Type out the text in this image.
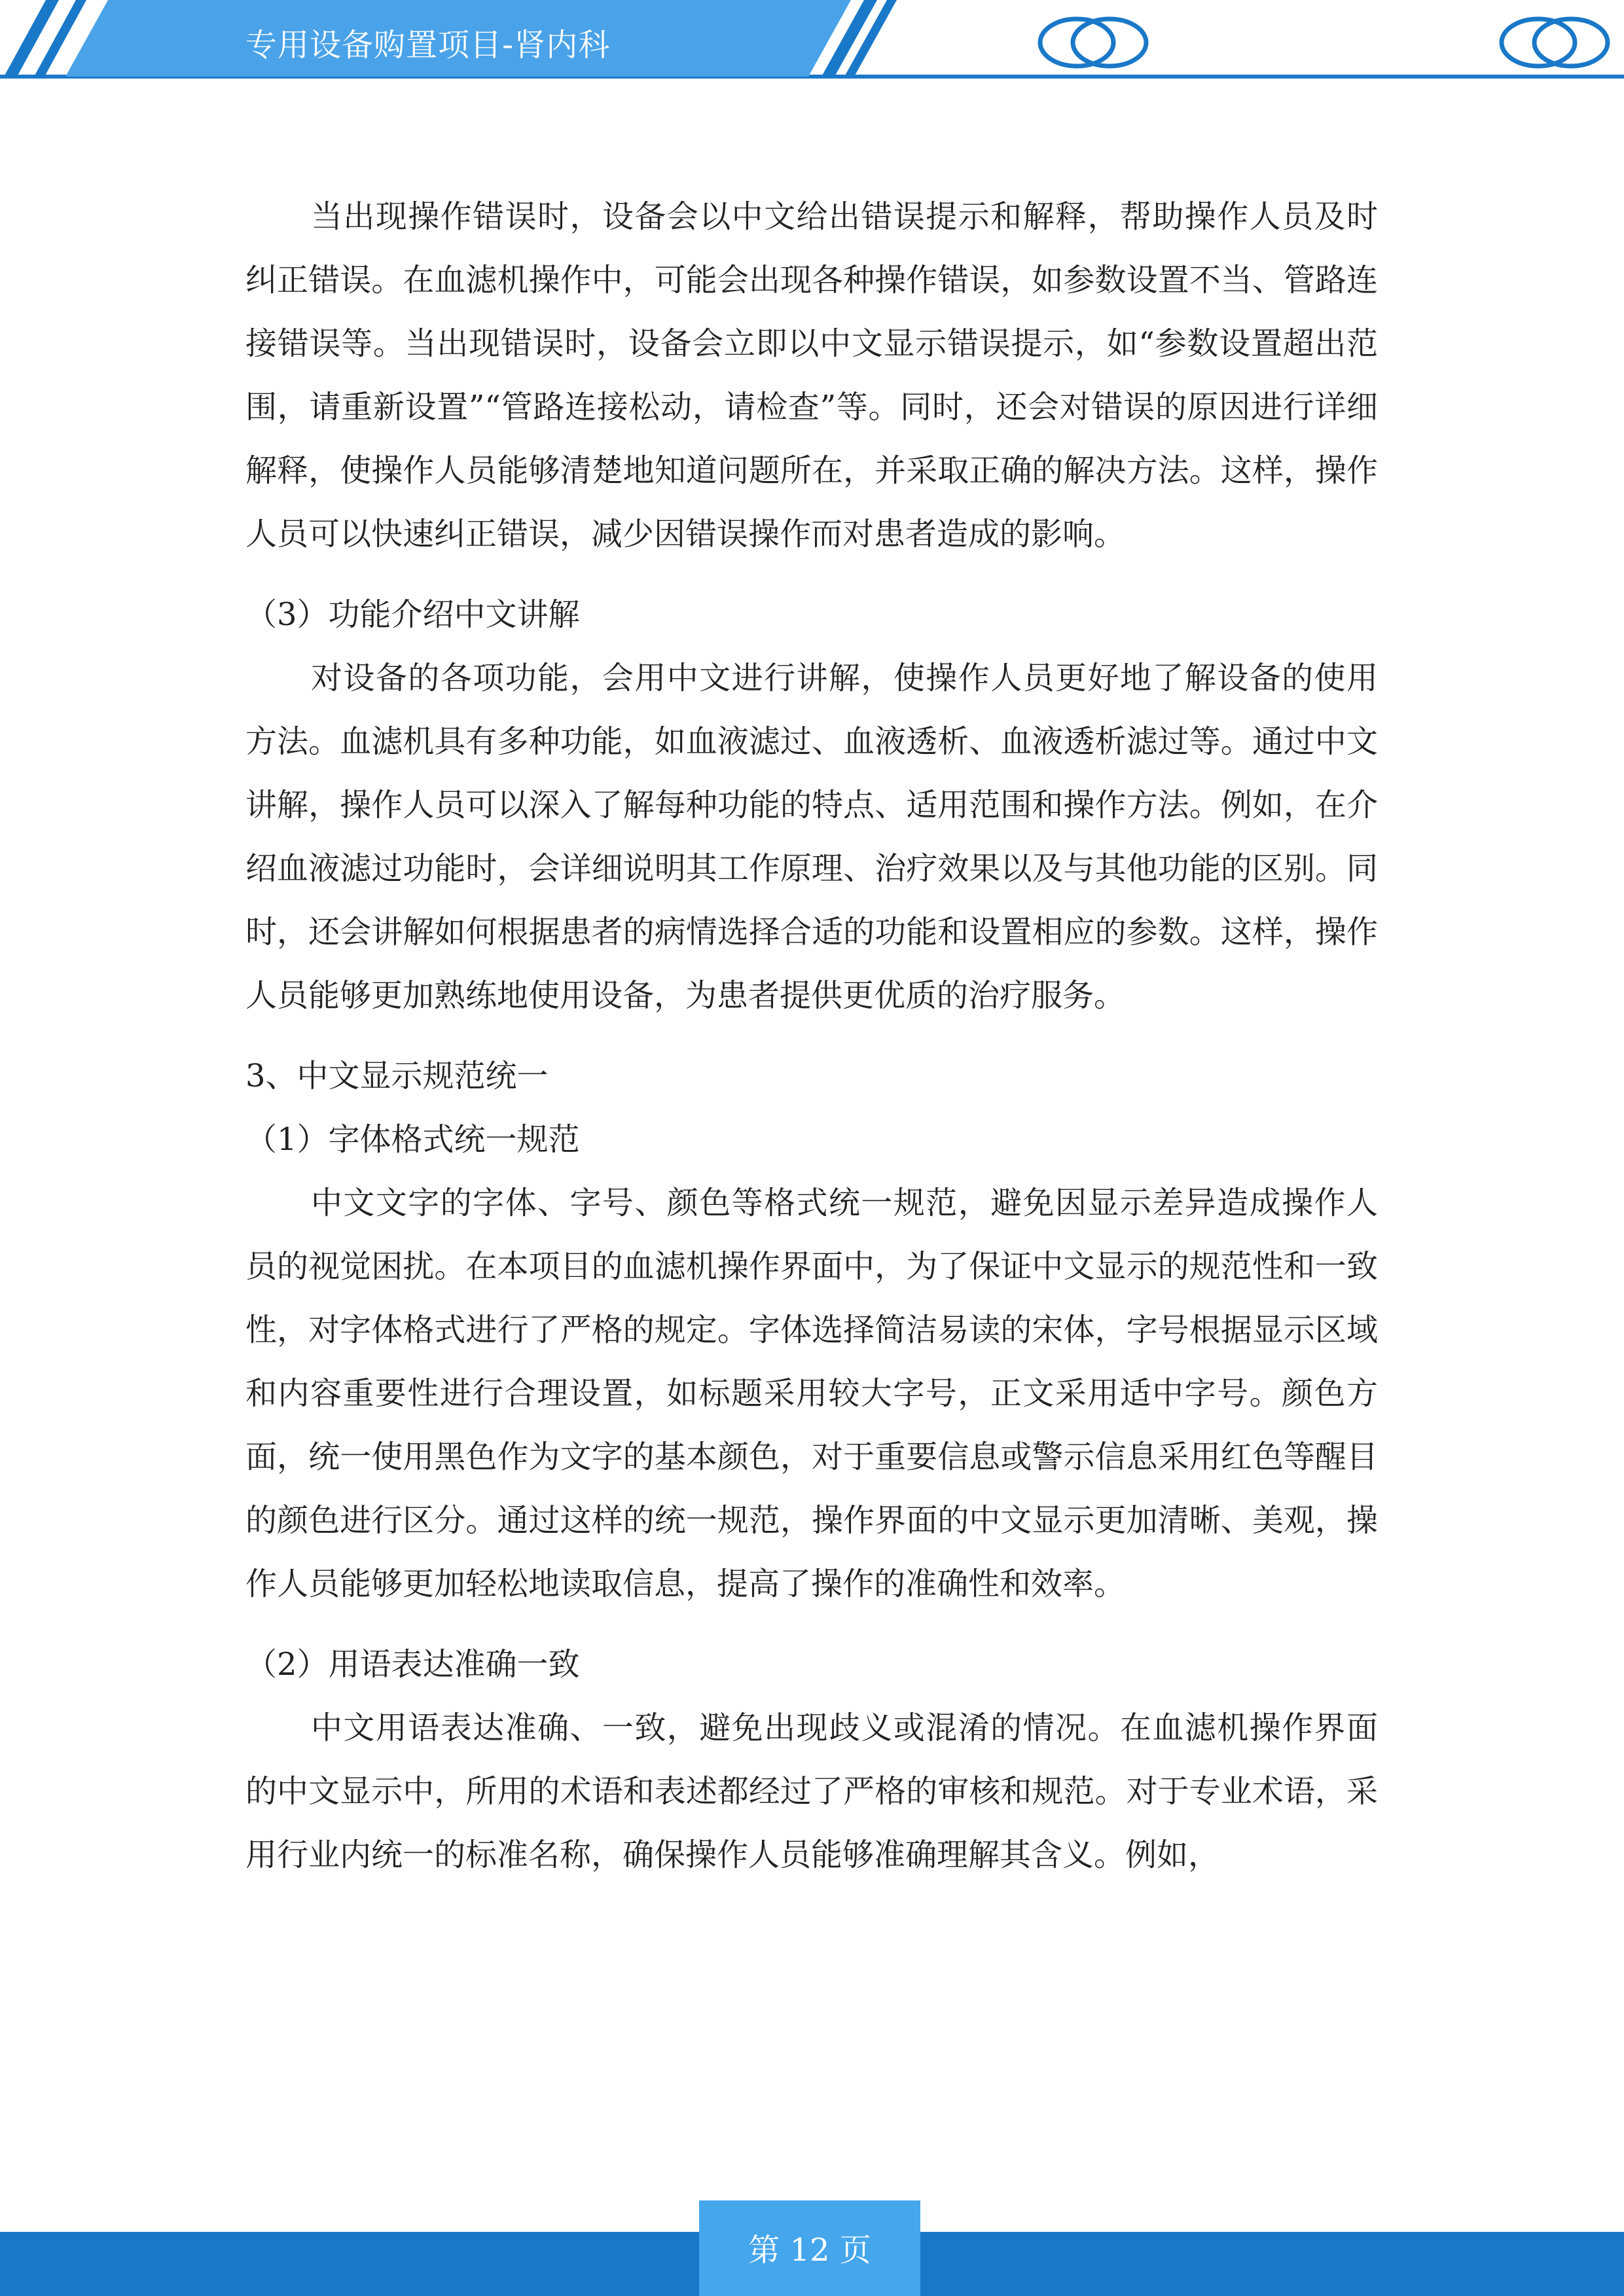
专用设备购置项目-肾内科

当出现操作错误时，设备会以中文给出错误提示和解释，帮助操作人员及时纠正错误。在血滤机操作中，可能会出现各种操作错误，如参数设置不当、管路连接错误等。当出现错误时，设备会立即以中文显示错误提示，如“参数设置超出范围，请重新设置”“管路连接松动，请检查”等。同时，还会对错误的原因进行详细解释，使操作人员能够清楚地知道问题所在，并采取正确的解决方法。这样，操作人员可以快速纠正错误，减少因错误操作而对患者造成的影响。

（3）功能介绍中文讲解

对设备的各项功能，会用中文进行讲解，使操作人员更好地了解设备的使用方法。血滤机具有多种功能，如血液滤过、血液透析、血液透析滤过等。通过中文讲解，操作人员可以深入了解每种功能的特点、适用范围和操作方法。例如，在介绍血液滤过功能时，会详细说明其工作原理、治疗效果以及与其他功能的区别。同时，还会讲解如何根据患者的病情选择合适的功能和设置相应的参数。这样，操作人员能够更加熟练地使用设备，为患者提供更优质的治疗服务。

3、中文显示规范统一

（1）字体格式统一规范

中文文字的字体、字号、颜色等格式统一规范，避免因显示差异造成操作人员的视觉困扰。在本项目的血滤机操作界面中，为了保证中文显示的规范性和一致性，对字体格式进行了严格的规定。字体选择简洁易读的宋体，字号根据显示区域和内容重要性进行合理设置，如标题采用较大字号，正文采用适中字号。颜色方面，统一使用黑色作为文字的基本颜色，对于重要信息或警示信息采用红色等醒目的颜色进行区分。通过这样的统一规范，操作界面的中文显示更加清晰、美观，操作人员能够更加轻松地读取信息，提高了操作的准确性和效率。

（2）用语表达准确一致

中文用语表达准确、一致，避免出现歧义或混淆的情况。在血滤机操作界面的中文显示中，所用的术语和表述都经过了严格的审核和规范。对于专业术语，采用行业内统一的标准名称，确保操作人员能够准确理解其含义。例如，

第 12 页
